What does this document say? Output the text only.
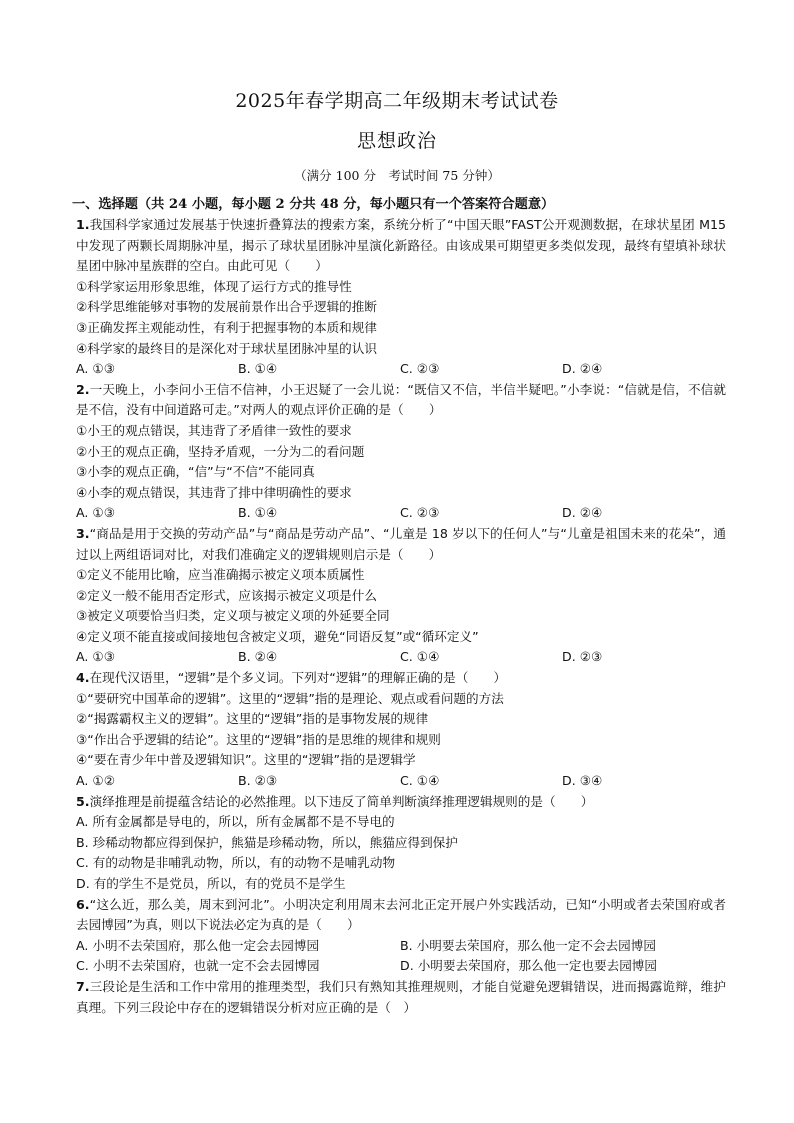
2025年春学期高二年级期末考试试卷
思想政治
（满分 100 分　考试时间 75 分钟）
一、选择题（共 24 小题，每小题 2 分共 48 分，每小题只有一个答案符合题意）
1.我国科学家通过发展基于快速折叠算法的搜索方案，系统分析了“中国天眼”FAST公开观测数据，在球状星团 M15 中发现了两颗长周期脉冲星，揭示了球状星团脉冲星演化新路径。由该成果可期望更多类似发现，最终有望填补球状星团中脉冲星族群的空白。由此可见（　　）
①科学家运用形象思维，体现了运行方式的推导性
②科学思维能够对事物的发展前景作出合乎逻辑的推断
③正确发挥主观能动性，有利于把握事物的本质和规律
④科学家的最终目的是深化对于球状星团脉冲星的认识
A. ①③	B. ①④	C. ②③	D. ②④
2.一天晚上，小李问小王信不信神，小王迟疑了一会儿说：“既信又不信，半信半疑吧。”小李说：“信就是信，不信就是不信，没有中间道路可走。”对两人的观点评价正确的是（　　）
①小王的观点错误，其违背了矛盾律一致性的要求
②小王的观点正确，坚持矛盾观，一分为二的看问题
③小李的观点正确，“信”与“不信”不能同真
④小李的观点错误，其违背了排中律明确性的要求
A. ①③	B. ①④	C. ②③	D. ②④
3.“商品是用于交换的劳动产品”与“商品是劳动产品”、“儿童是 18 岁以下的任何人”与“儿童是祖国未来的花朵”，通过以上两组语词对比，对我们准确定义的逻辑规则启示是（　　）
①定义不能用比喻，应当准确揭示被定义项本质属性
②定义一般不能用否定形式，应该揭示被定义项是什么
③被定义项要恰当归类，定义项与被定义项的外延要全同
④定义项不能直接或间接地包含被定义项，避免“同语反复”或“循环定义”
A. ①③	B. ②④	C. ①④	D. ②③
4.在现代汉语里，“逻辑”是个多义词。下列对“逻辑”的理解正确的是（　　）
①“要研究中国革命的逻辑”。这里的“逻辑”指的是理论、观点或看问题的方法
②“揭露霸权主义的逻辑”。这里的“逻辑”指的是事物发展的规律
③“作出合乎逻辑的结论”。这里的“逻辑”指的是思维的规律和规则
④“要在青少年中普及逻辑知识”。这里的“逻辑”指的是逻辑学
A. ①②	B. ②③	C. ①④	D. ③④
5.演绎推理是前提蕴含结论的必然推理。以下违反了简单判断演绎推理逻辑规则的是（　　）
A. 所有金属都是导电的，所以，所有金属都不是不导电的
B. 珍稀动物都应得到保护，熊猫是珍稀动物，所以，熊猫应得到保护
C. 有的动物是非哺乳动物，所以，有的动物不是哺乳动物
D. 有的学生不是党员，所以，有的党员不是学生
6.“这么近，那么美，周末到河北”。小明决定利用周末去河北正定开展户外实践活动，已知“小明或者去荣国府或者去园博园”为真，则以下说法必定为真的是（　　）
A. 小明不去荣国府，那么他一定会去园博园	B. 小明要去荣国府，那么他一定不会去园博园
C. 小明不去荣国府，也就一定不会去园博园	D. 小明要去荣国府，那么他一定也要去园博园
7.三段论是生活和工作中常用的推理类型，我们只有熟知其推理规则，才能自觉避免逻辑错误，进而揭露诡辩，维护真理。下列三段论中存在的逻辑错误分析对应正确的是（　）
